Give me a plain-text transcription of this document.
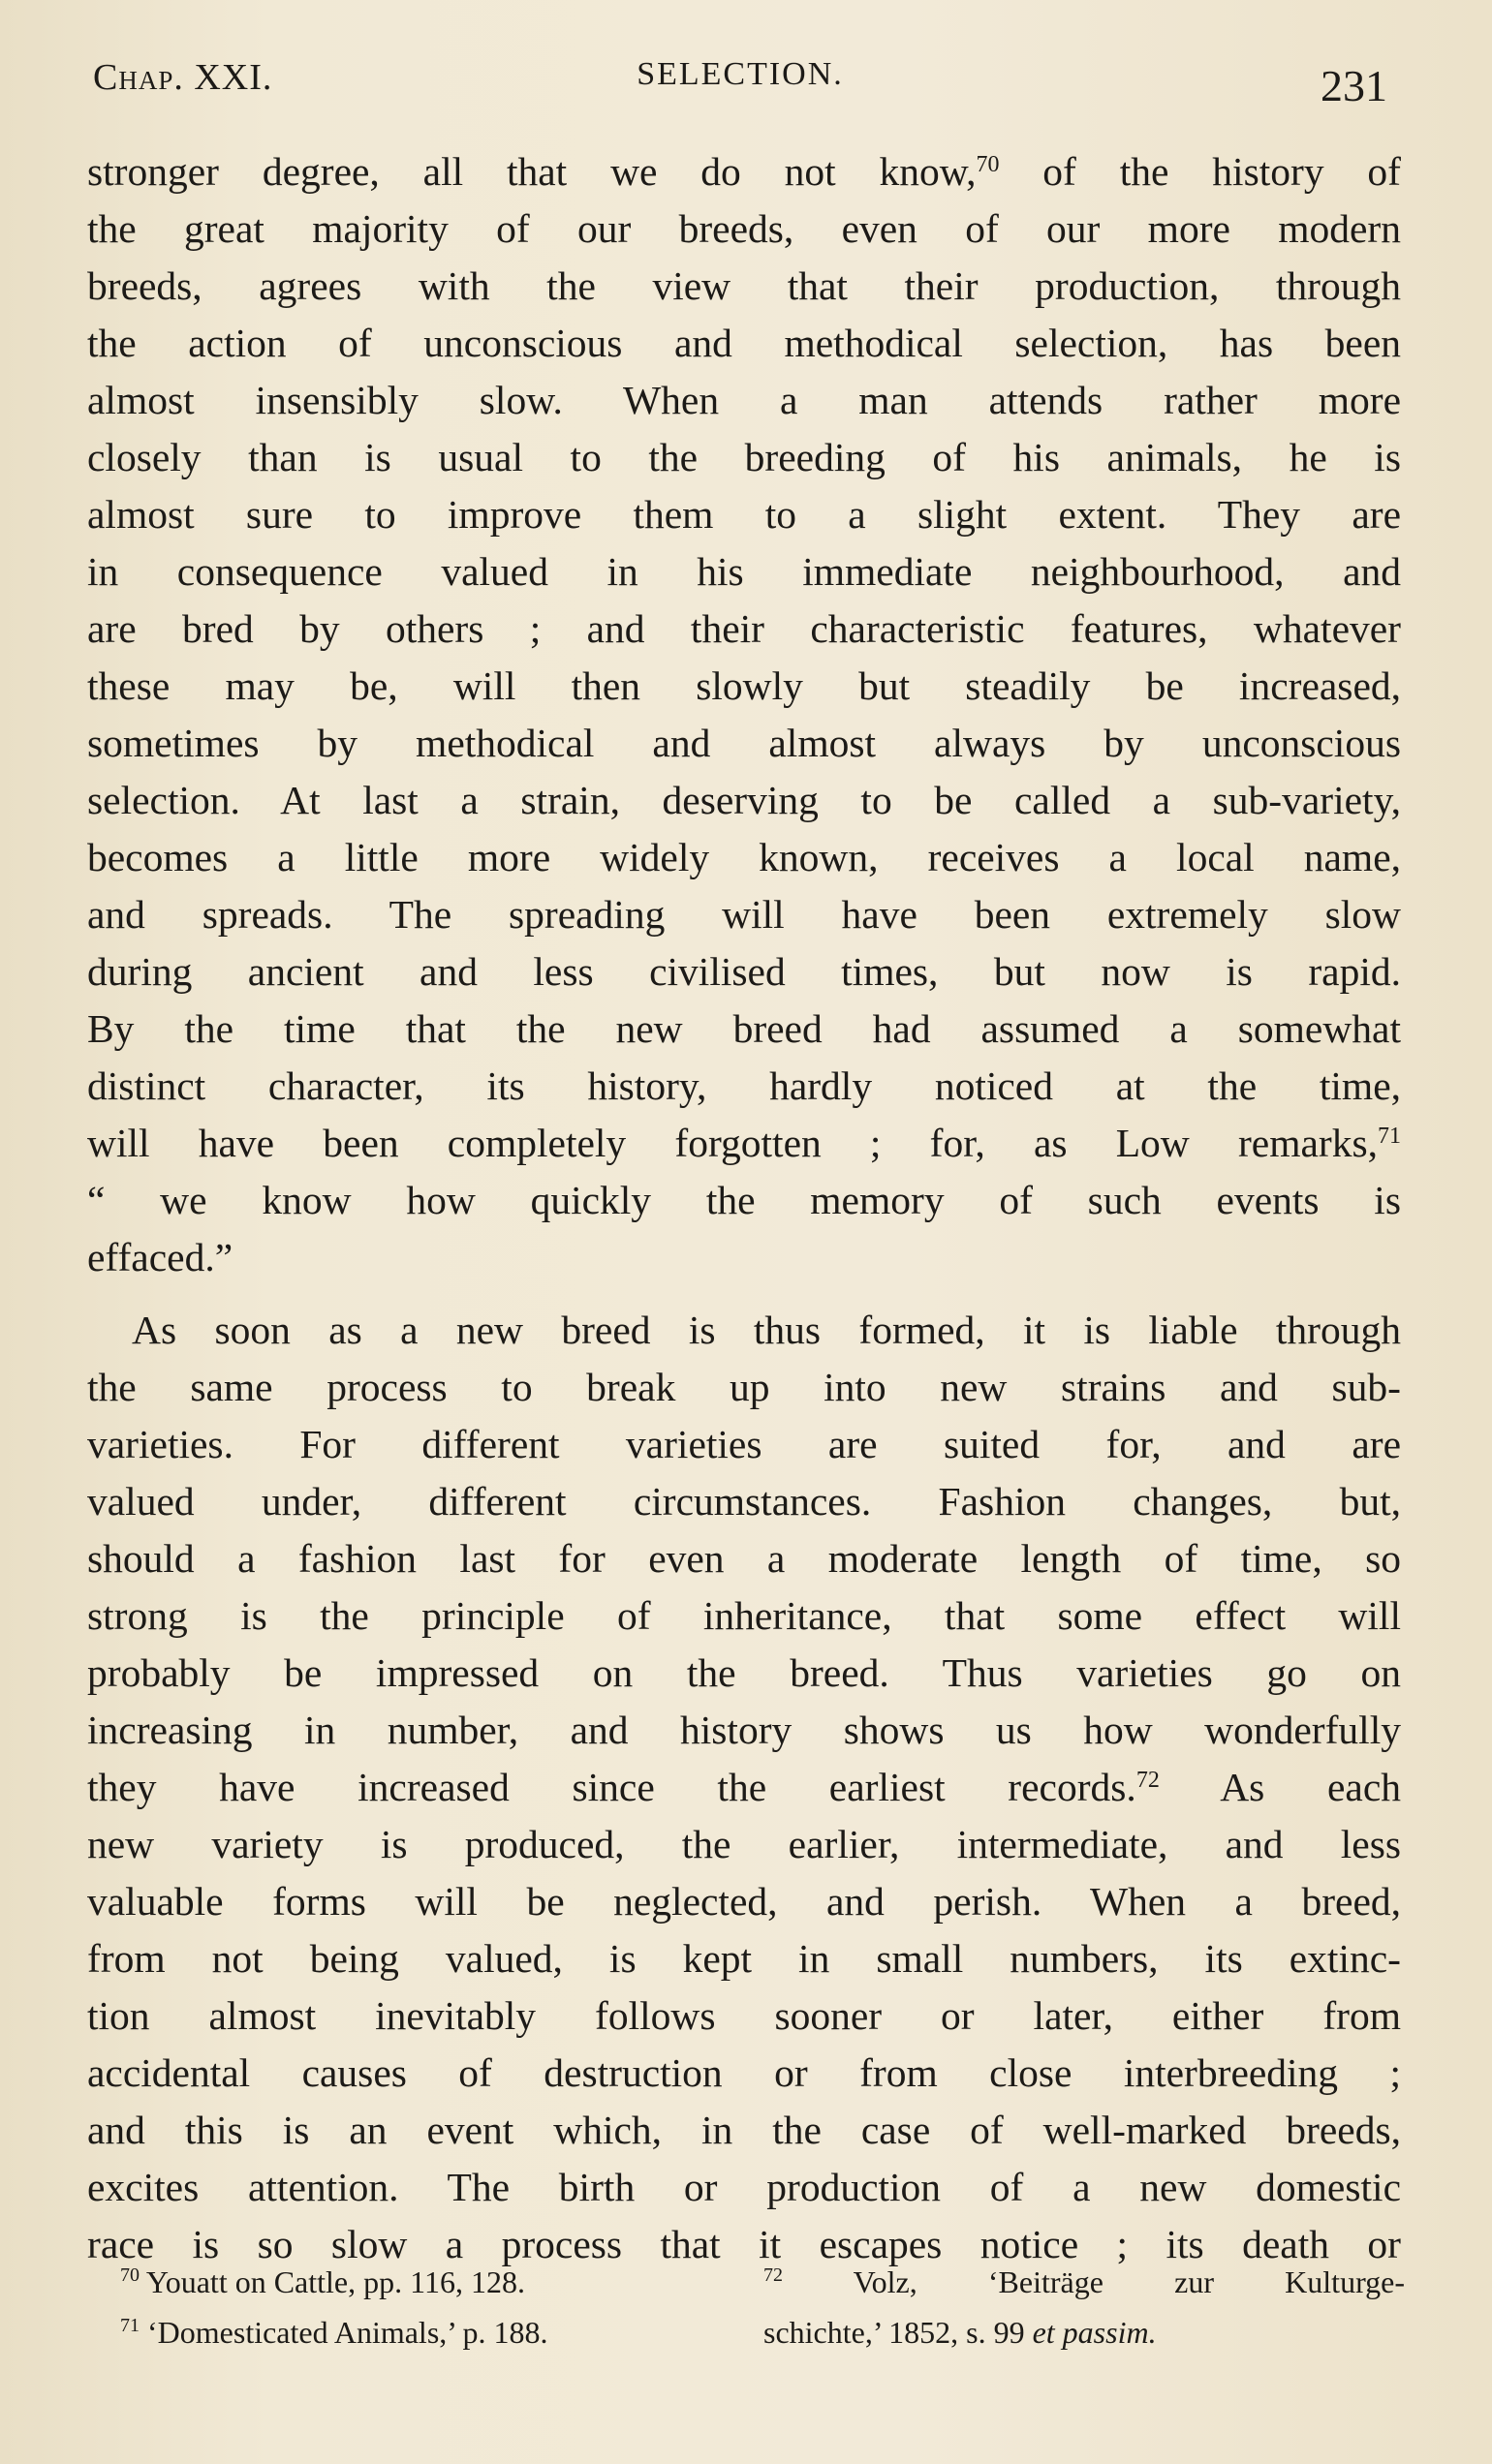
Chap. XXI.	SELECTION.	231
stronger degree, all that we do not know,$^{70}$ of the history of
the great majority of our breeds, even of our more modern
breeds, agrees with the view that their production, through
the action of unconscious and methodical selection, has been
almost insensibly slow. When a man attends rather more
closely than is usual to the breeding of his animals, he is
almost sure to improve them to a slight extent. They are
in consequence valued in his immediate neighbourhood, and
are bred by others ; and their characteristic features, whatever
these may be, will then slowly but steadily be increased,
sometimes by methodical and almost always by unconscious
selection. At last a strain, deserving to be called a sub-variety,
becomes a little more widely known, receives a local name,
and spreads. The spreading will have been extremely slow
during ancient and less civilised times, but now is rapid.
By the time that the new breed had assumed a somewhat
distinct character, its history, hardly noticed at the time,
will have been completely forgotten ; for, as Low remarks,$^{71}$
“ we know how quickly the memory of such events is
effaced.”
As soon as a new breed is thus formed, it is liable through
the same process to break up into new strains and sub-
varieties. For different varieties are suited for, and are
valued under, different circumstances. Fashion changes, but,
should a fashion last for even a moderate length of time, so
strong is the principle of inheritance, that some effect will
probably be impressed on the breed. Thus varieties go on
increasing in number, and history shows us how wonderfully
they have increased since the earliest records.$^{72}$ As each
new variety is produced, the earlier, intermediate, and less
valuable forms will be neglected, and perish. When a breed,
from not being valued, is kept in small numbers, its extinc-
tion almost inevitably follows sooner or later, either from
accidental causes of destruction or from close interbreeding ;
and this is an event which, in the case of well-marked breeds,
excites attention. The birth or production of a new domestic
race is so slow a process that it escapes notice ; its death or
$^{70}$ Youatt on Cattle, pp. 116, 128.
$^{71}$ ‘Domesticated Animals,’ p. 188.
$^{72}$ Volz, ‘Beiträge zur Kulturge-
schichte,’ 1852, s. 99 et passim.
